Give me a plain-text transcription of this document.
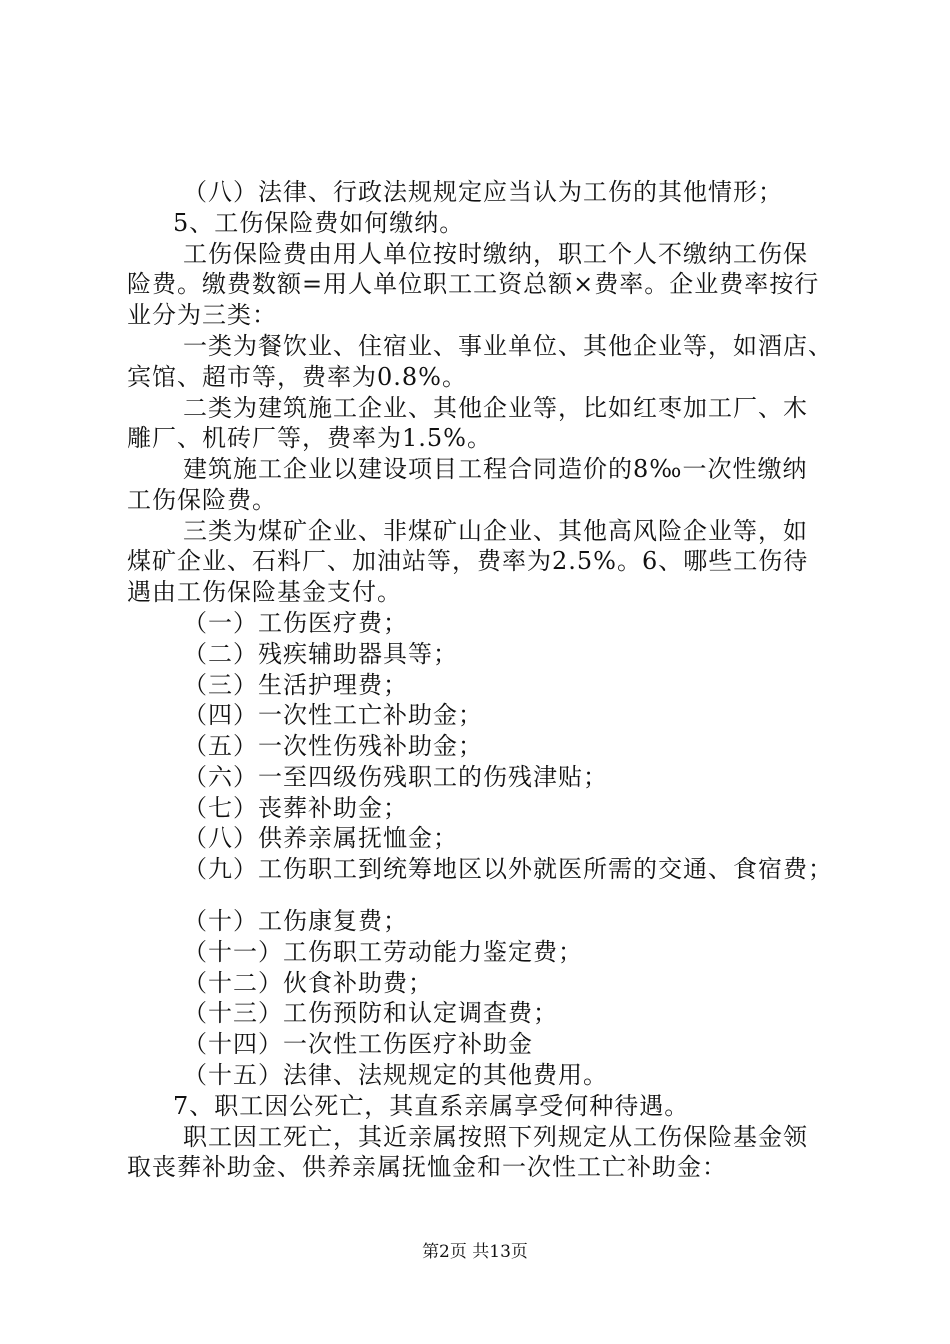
（八）法律、行政法规规定应当认为工伤的其他情形；
5、工伤保险费如何缴纳。
工伤保险费由用人单位按时缴纳，职工个人不缴纳工伤保
险费。缴费数额=用人单位职工工资总额×费率。企业费率按行
业分为三类：
一类为餐饮业、住宿业、事业单位、其他企业等，如酒店、
宾馆、超市等，费率为0.8%。
二类为建筑施工企业、其他企业等，比如红枣加工厂、木
雕厂、机砖厂等，费率为1.5%。
建筑施工企业以建设项目工程合同造价的8‰一次性缴纳
工伤保险费。
三类为煤矿企业、非煤矿山企业、其他高风险企业等，如
煤矿企业、石料厂、加油站等，费率为2.5%。6、哪些工伤待
遇由工伤保险基金支付。
（一）工伤医疗费；
（二）残疾辅助器具等；
（三）生活护理费；
（四）一次性工亡补助金；
（五）一次性伤残补助金；
（六）一至四级伤残职工的伤残津贴；
（七）丧葬补助金；
（八）供养亲属抚恤金；
（九）工伤职工到统筹地区以外就医所需的交通、食宿费；
（十）工伤康复费；
（十一）工伤职工劳动能力鉴定费；
（十二）伙食补助费；
（十三）工伤预防和认定调查费；
（十四）一次性工伤医疗补助金
（十五）法律、法规规定的其他费用。
7、职工因公死亡，其直系亲属享受何种待遇。
职工因工死亡，其近亲属按照下列规定从工伤保险基金领
取丧葬补助金、供养亲属抚恤金和一次性工亡补助金：
第2页 共13页
